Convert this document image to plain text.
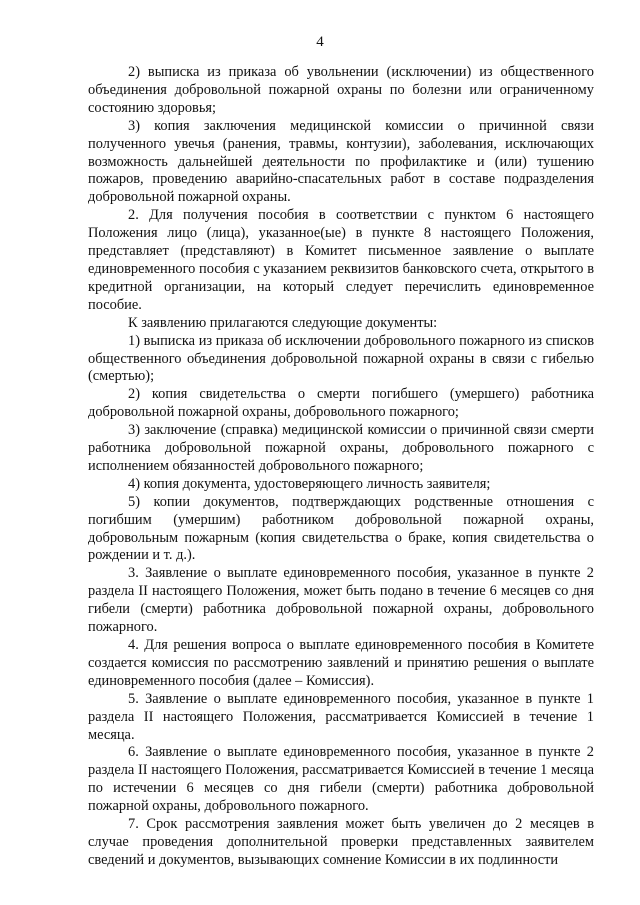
4

2) выписка из приказа об увольнении (исключении) из общественного объединения добровольной пожарной охраны по болезни или ограниченному состоянию здоровья;

3) копия заключения медицинской комиссии о причинной связи полученного увечья (ранения, травмы, контузии), заболевания, исключающих возможность дальнейшей деятельности по профилактике и (или) тушению пожаров, проведению аварийно-спасательных работ в составе подразделения добровольной пожарной охраны.

2. Для получения пособия в соответствии с пунктом 6 настоящего Положения лицо (лица), указанное(ые) в пункте 8 настоящего Положения, представляет (представляют) в Комитет письменное заявление о выплате единовременного пособия с указанием реквизитов банковского счета, открытого в кредитной организации, на который следует перечислить единовременное пособие.

К заявлению прилагаются следующие документы:

1) выписка из приказа об исключении добровольного пожарного из списков общественного объединения добровольной пожарной охраны в связи с гибелью (смертью);

2) копия свидетельства о смерти погибшего (умершего) работника добровольной пожарной охраны, добровольного пожарного;

3) заключение (справка) медицинской комиссии о причинной связи смерти работника добровольной пожарной охраны, добровольного пожарного с исполнением обязанностей добровольного пожарного;

4) копия документа, удостоверяющего личность заявителя;

5) копии документов, подтверждающих родственные отношения с погибшим (умершим) работником добровольной пожарной охраны, добровольным пожарным (копия свидетельства о браке, копия свидетельства о рождении и т. д.).

3. Заявление о выплате единовременного пособия, указанное в пункте 2 раздела II настоящего Положения, может быть подано в течение 6 месяцев со дня гибели (смерти) работника добровольной пожарной охраны, добровольного пожарного.

4. Для решения вопроса о выплате единовременного пособия в Комитете создается комиссия по рассмотрению заявлений и принятию решения о выплате единовременного пособия (далее – Комиссия).

5. Заявление о выплате единовременного пособия, указанное в пункте 1 раздела II настоящего Положения, рассматривается Комиссией в течение 1 месяца.

6. Заявление о выплате единовременного пособия, указанное в пункте 2 раздела II настоящего Положения, рассматривается Комиссией в течение 1 месяца по истечении 6 месяцев со дня гибели (смерти) работника добровольной пожарной охраны, добровольного пожарного.

7. Срок рассмотрения заявления может быть увеличен до 2 месяцев в случае проведения дополнительной проверки представленных заявителем сведений и документов, вызывающих сомнение Комиссии в их подлинности
